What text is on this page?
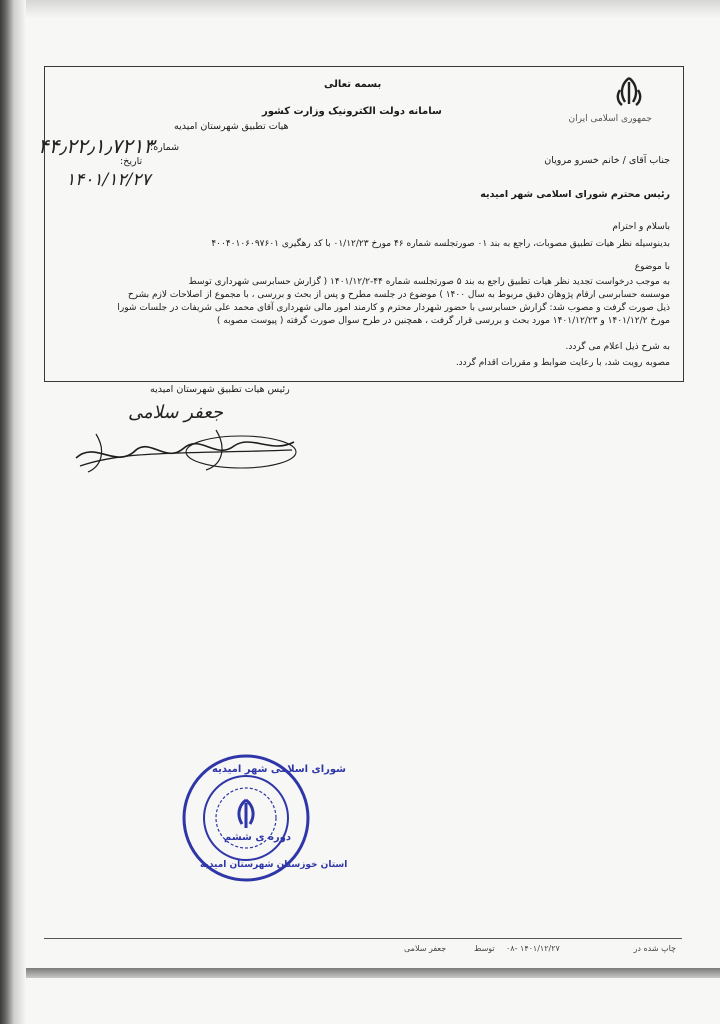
جمهوری اسلامی ایران
بسمه تعالی
سامانه دولت الکترونیک وزارت کشور
هیات تطبیق شهرستان امیدیه
شماره:
۴۴٫۲۲٫۱٫۷۲۱۳
تاریخ:
۱۴۰۱/۱۲/۲۷
جناب آقای / خانم خسرو مرویان
رئیس محترم شورای اسلامی شهر امیدیه
باسلام و احترام
بدینوسیله نظر هیات تطبیق مصوبات، راجع به بند ۰۱ صورتجلسه شماره ۴۶ مورخ ۰۱/۱۲/۲۳ با کد رهگیری ۴۰۰۴۰۱۰۶۰۹۷۶۰۱
با موضوع
به موجب درخواست تجدید نظر هیات تطبیق راجع به بند ۵ صورتجلسه شماره ۴۴-۱۴۰۱/۱۲/۲ ( گزارش حسابرسی شهرداری توسط
موسسه حسابرسی ارقام پژوهان دقیق مربوط به سال ۱۴۰۰ ) موضوع در جلسه مطرح و پس از بحث و بررسی ، با مجموع از اصلاحات لازم بشرح
ذیل صورت گرفت و مصوب شد: گزارش حسابرسی با حضور شهردار محترم و کارمند امور مالی شهرداری آقای محمد علی شریفات در جلسات شورا
مورخ ۱۴۰۱/۱۲/۲ و ۱۴۰۱/۱۲/۲۳ مورد بحث و بررسی قرار گرفت ، همچنین در طرح سوال صورت گرفته ( پیوست مصوبه )
به شرح ذیل اعلام می گردد.
مصوبه رویت شد، با رعایت ضوابط و مقررات اقدام گردد.
رئیس هیات تطبیق شهرستان امیدیه
جعفر سلامی
شورای اسلامی شهر امیدیه
دوره ی ششم
استان خوزستان شهرستان امیدیه
چاپ شده در
۰۸- ۱۴۰۱/۱۲/۲۷
توسط
جعفر سلامی
